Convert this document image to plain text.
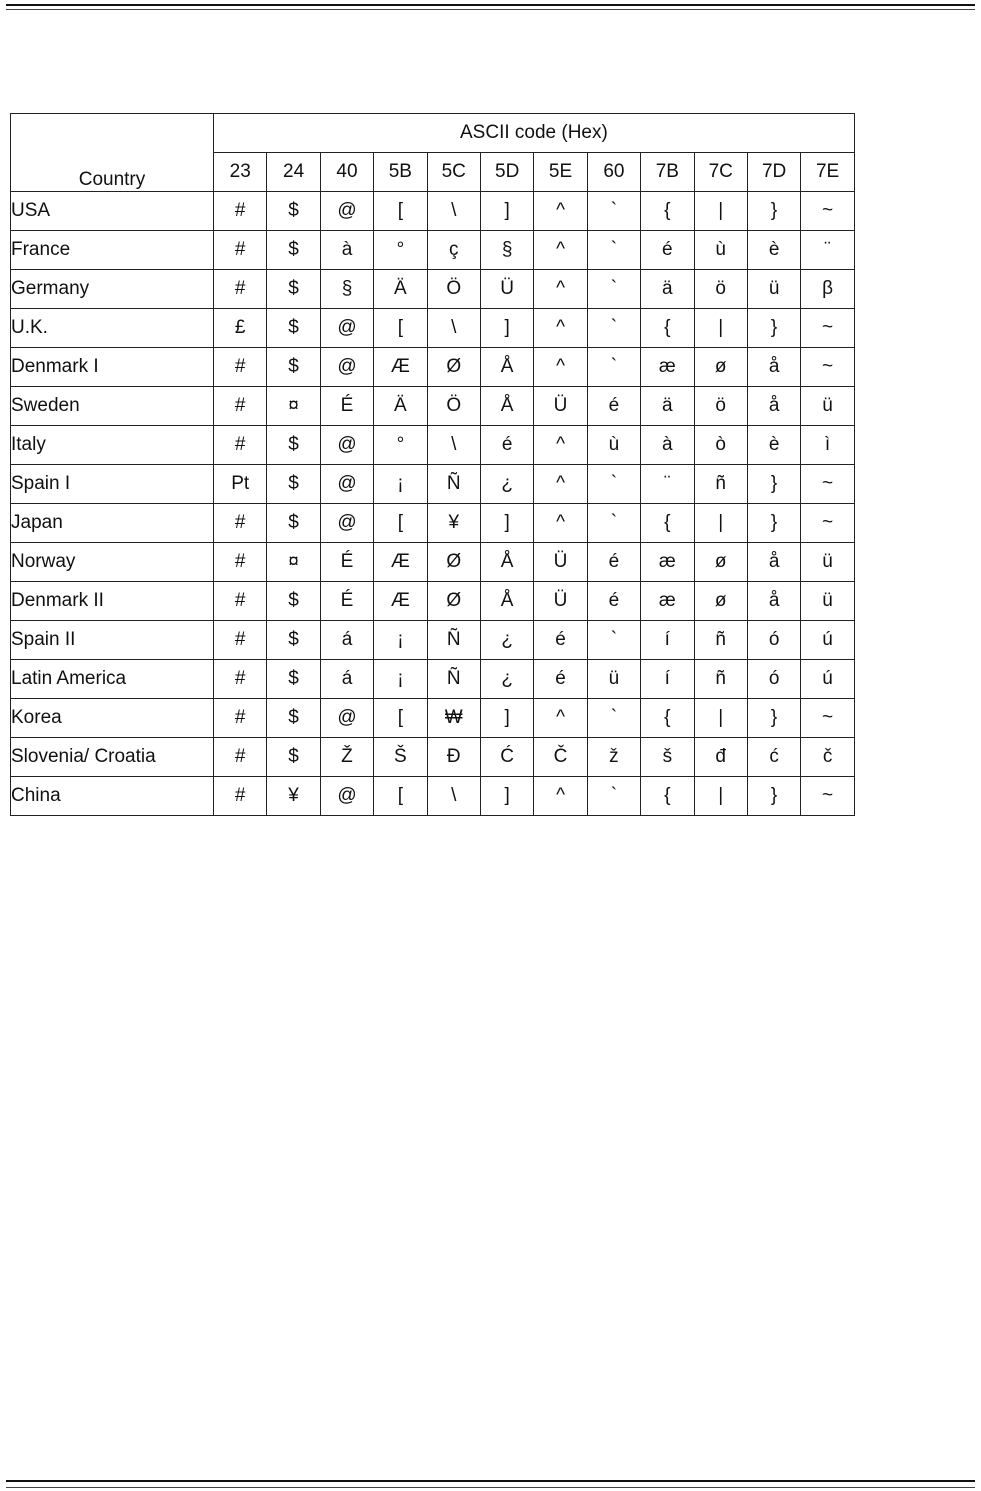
Country	ASCII code (Hex)											
	23	24	40	5B	5C	5D	5E	60	7B	7C	7D	7E
USA	#	$	@	[	\	]	^	`	{	|	}	~
France	#	$	à	°	ç	§	^	`	é	ù	è	¨
Germany	#	$	§	Ä	Ö	Ü	^	`	ä	ö	ü	β
U.K.	£	$	@	[	\	]	^	`	{	|	}	~
Denmark I	#	$	@	Æ	Ø	Å	^	`	æ	ø	å	~
Sweden	#	¤	É	Ä	Ö	Å	Ü	é	ä	ö	å	ü
Italy	#	$	@	°	\	é	^	ù	à	ò	è	ì
Spain I	Pt	$	@	¡	Ñ	¿	^	`	¨	ñ	}	~
Japan	#	$	@	[	¥	]	^	`	{	|	}	~
Norway	#	¤	É	Æ	Ø	Å	Ü	é	æ	ø	å	ü
Denmark II	#	$	É	Æ	Ø	Å	Ü	é	æ	ø	å	ü
Spain II	#	$	á	¡	Ñ	¿	é	`	í	ñ	ó	ú
Latin America	#	$	á	¡	Ñ	¿	é	ü	í	ñ	ó	ú
Korea	#	$	@	[	₩	]	^	`	{	|	}	~
Slovenia/ Croatia	#	$	Ž	Š	Đ	Ć	Č	ž	š	đ	ć	č
China	#	¥	@	[	\	]	^	`	{	|	}	~
